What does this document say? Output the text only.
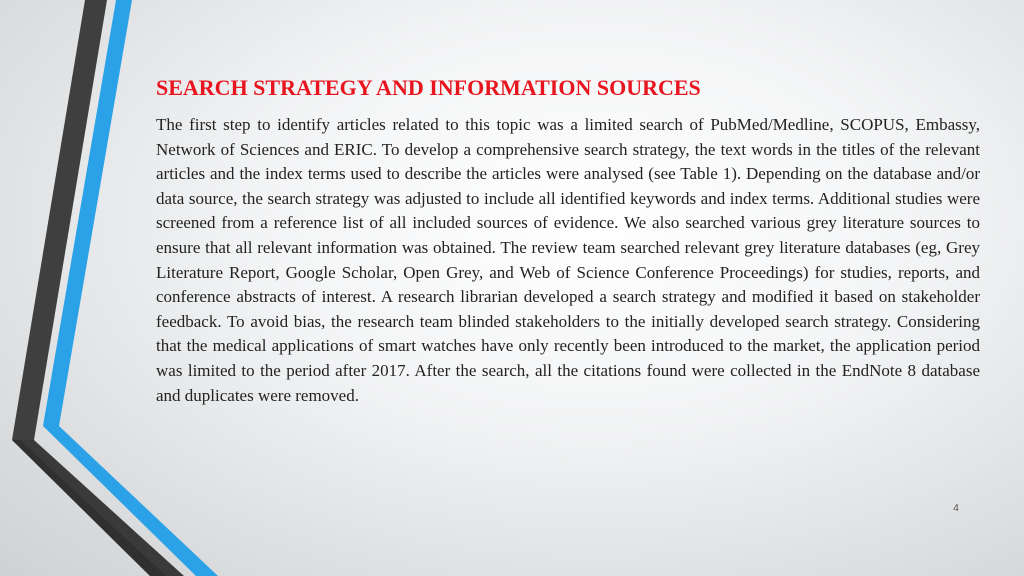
SEARCH STRATEGY AND INFORMATION SOURCES

The first step to identify articles related to this topic was a limited search of PubMed/Medline, SCOPUS, Embassy, Network of Sciences and ERIC. To develop a comprehensive search strategy, the text words in the titles of the relevant articles and the index terms used to describe the articles were analysed (see Table 1). Depending on the database and/or data source, the search strategy was adjusted to include all identified keywords and index terms. Additional studies were screened from a reference list of all included sources of evidence. We also searched various grey literature sources to ensure that all relevant information was obtained. The review team searched relevant grey literature databases (eg, Grey Literature Report, Google Scholar, Open Grey, and Web of Science Conference Proceedings) for studies, reports, and conference abstracts of interest. A research librarian developed a search strategy and modified it based on stakeholder feedback. To avoid bias, the research team blinded stakeholders to the initially developed search strategy. Considering that the medical applications of smart watches have only recently been introduced to the market, the application period was limited to the period after 2017. After the search, all the citations found were collected in the EndNote 8 database and duplicates were removed.

4
